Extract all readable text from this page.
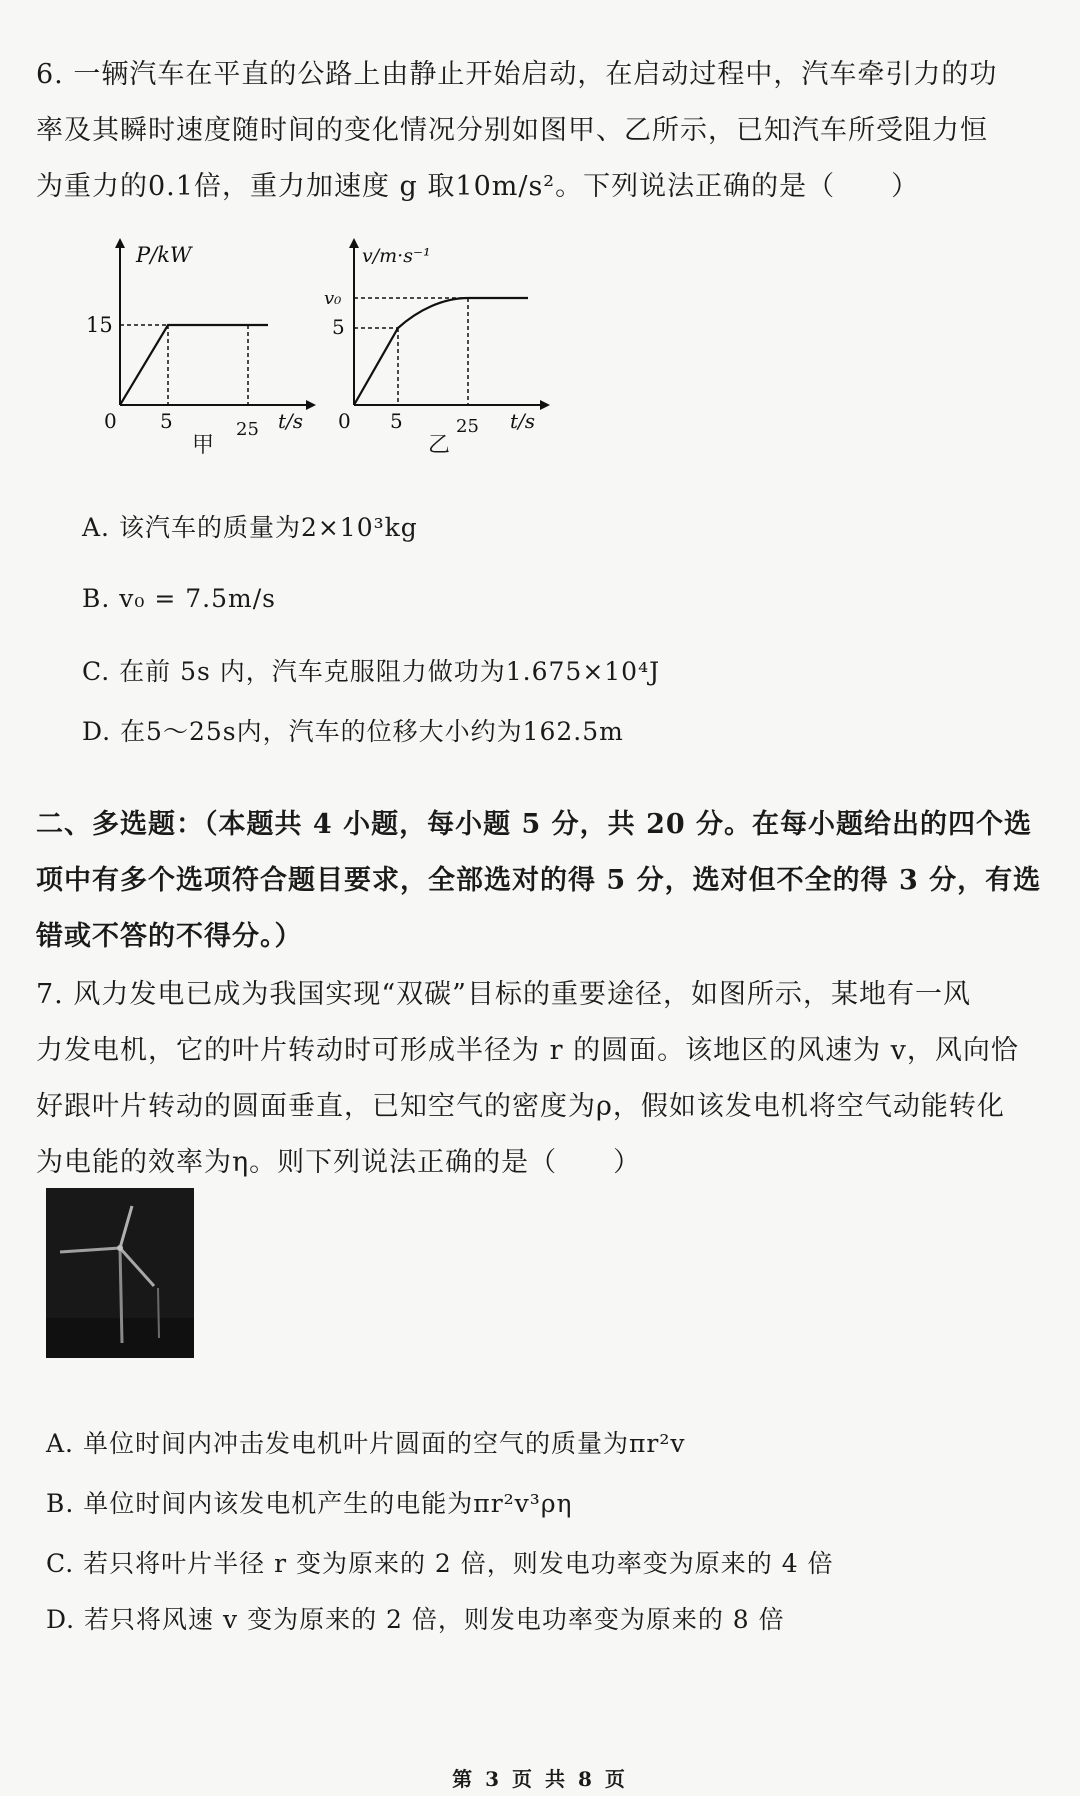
6. 一辆汽车在平直的公路上由静止开始启动，在启动过程中，汽车牵引力的功
率及其瞬时速度随时间的变化情况分别如图甲、乙所示，已知汽车所受阻力恒
为重力的0.1倍，重力加速度 g 取10m/s²。下列说法正确的是（　　）
P/kW
15
0 5	25 t/s
甲
v/m·s⁻¹
v₀
5
0 5	25 t/s
乙
A. 该汽车的质量为2×10³kg
B. v₀ = 7.5m/s
C. 在前 5s 内，汽车克服阻力做功为1.675×10⁴J
D. 在5～25s内，汽车的位移大小约为162.5m
二、多选题：（本题共 4 小题，每小题 5 分，共 20 分。在每小题给出的四个选
项中有多个选项符合题目要求，全部选对的得 5 分，选对但不全的得 3 分，有选
错或不答的不得分。）
7. 风力发电已成为我国实现“双碳”目标的重要途径，如图所示，某地有一风
力发电机，它的叶片转动时可形成半径为 r 的圆面。该地区的风速为 v，风向恰
好跟叶片转动的圆面垂直，已知空气的密度为ρ，假如该发电机将空气动能转化
为电能的效率为η。则下列说法正确的是（　　）
A. 单位时间内冲击发电机叶片圆面的空气的质量为πr²v
B. 单位时间内该发电机产生的电能为πr²v³ρη
C. 若只将叶片半径 r 变为原来的 2 倍，则发电功率变为原来的 4 倍
D. 若只将风速 v 变为原来的 2 倍，则发电功率变为原来的 8 倍
第 3 页 共 8 页
